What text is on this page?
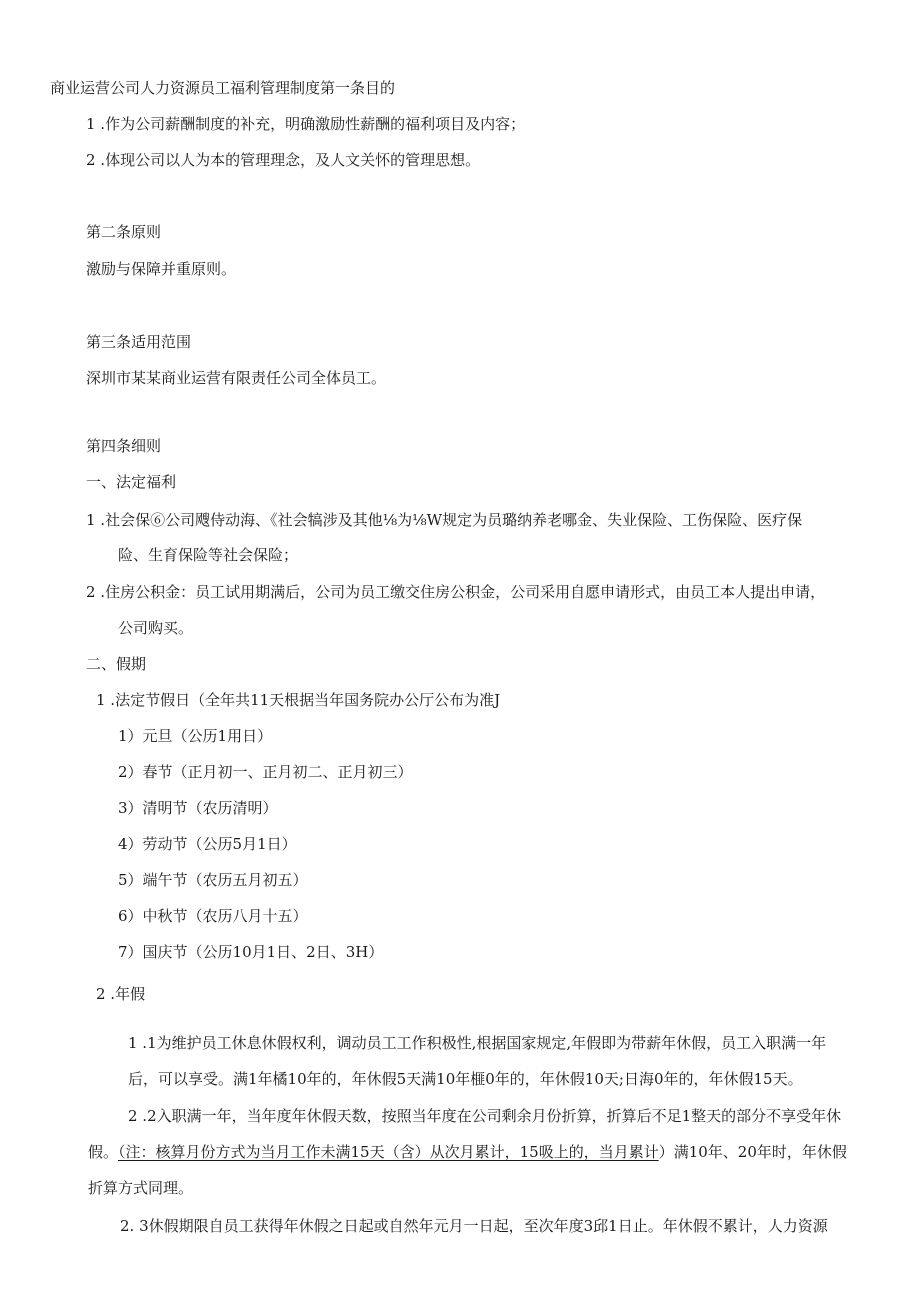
商业运营公司人力资源员工福利管理制度第一条目的
1 .作为公司薪酬制度的补充，明确激励性薪酬的福利项目及内容；
2 .体现公司以人为本的管理理念，及人文关怀的管理思想。
第二条原则
激励与保障并重原则。
第三条适用范围
深圳市某某商业运营有限责任公司全体员工。
第四条细则
一、法定福利
1 .社会保⑥公司飕侍动海、《社会犒涉及其他⅛为⅛W规定为员璐纳养老哪金、失业保险、工伤保险、医疗保
险、生育保险等社会保险；
2 .住房公积金：员工试用期满后，公司为员工缴交住房公积金，公司采用自愿申请形式，由员工本人提出申请，
公司购买。
二、假期
1 .法定节假日（全年共11天根据当年国务院办公厅公布为准J
1）元旦（公历1用日）
2）春节（正月初一、正月初二、正月初三）
3）清明节（农历清明）
4）劳动节（公历5月1日）
5）端午节（农历五月初五）
6）中秋节（农历八月十五）
7）国庆节（公历10月1日、2日、3H）
2 .年假
1 .1为维护员工休息休假权利，调动员工工作积极性,根据国家规定,年假即为带薪年休假，员工入职满一年
后，可以享受。满1年橘10年的，年休假5天满10年榧0年的，年休假10天;日海0年的，年休假15天。
2 .2入职满一年，当年度年休假天数，按照当年度在公司剩余月份折算，折算后不足1整天的部分不享受年休
假。（注：核算月份方式为当月工作未满15天（含）从次月累计，15吸上的，当月累计）满10年、20年时，年休假
折算方式同理。
2. 3休假期限自员工获得年休假之日起或自然年元月一日起，至次年度3邱1日止。年休假不累计，人力资源
